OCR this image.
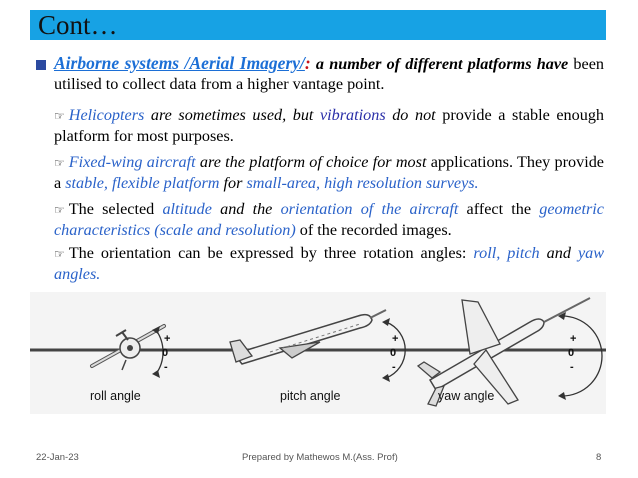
Cont…

Airborne systems /Aerial Imagery/: a number of different platforms have been utilised to collect data from a higher vantage point.

☞ Helicopters are sometimes used, but vibrations do not provide a stable enough platform for most purposes.

☞ Fixed-wing aircraft are the platform of choice for most applications. They provide a stable, flexible platform for small-area, high resolution surveys.

☞ The selected altitude and the orientation of the aircraft affect the geometric characteristics (scale and resolution) of the recorded images.

☞ The orientation can be expressed by three rotation angles: roll, pitch and yaw angles.

+
0
-
+
0
-
+
0
-
roll angle	pitch angle	yaw angle
22-Jan-23	Prepared by Mathewos M.(Ass. Prof)	8
